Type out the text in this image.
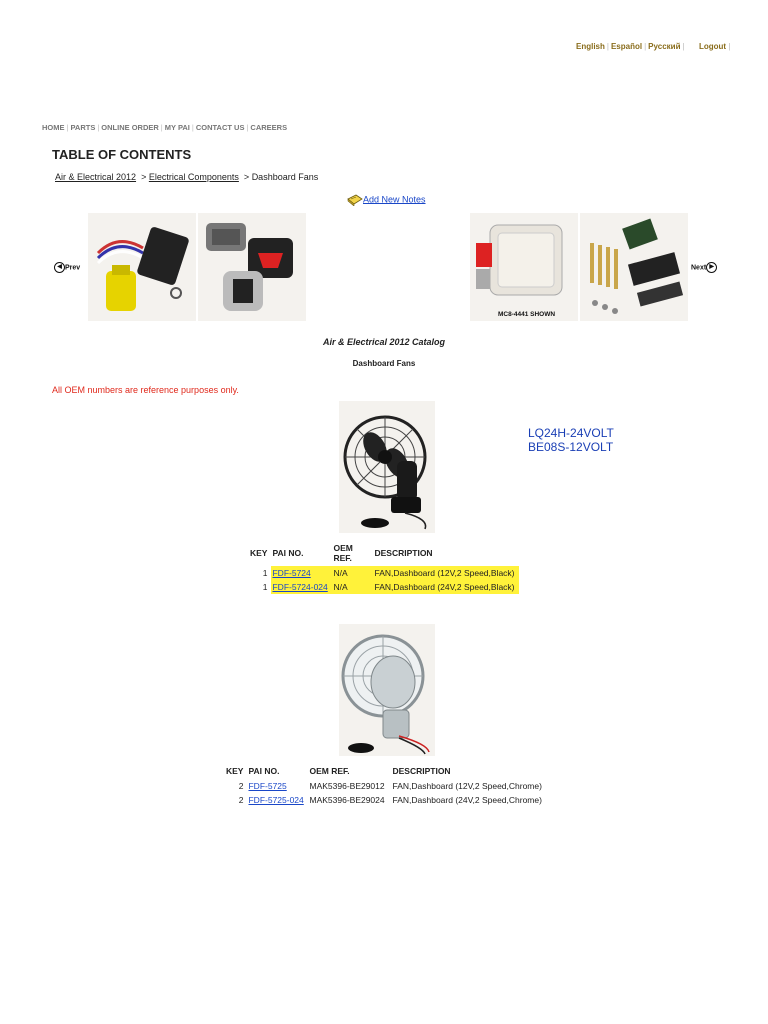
English | Español | Русский | Logout |
HOME | PARTS | ONLINE ORDER | MY PAI | CONTACT US | CAREERS
TABLE OF CONTENTS
Air & Electrical 2012  > Electrical Components  > Dashboard Fans
Add New Notes
◀ Prev	Next ▶
MC8-4441 SHOWN
Air & Electrical 2012 Catalog
Dashboard Fans
All OEM numbers are reference purposes only.
LQ24H-24VOLT
BE08S-12VOLT
KEY	PAI NO.	OEM REF.	DESCRIPTION
1	FDF-5724	N/A	FAN,Dashboard (12V,2 Speed,Black)
1	FDF-5724-024	N/A	FAN,Dashboard (24V,2 Speed,Black)
KEY	PAI NO.	OEM REF.	DESCRIPTION
2	FDF-5725	MAK5396-BE29012	FAN,Dashboard (12V,2 Speed,Chrome)
2	FDF-5725-024	MAK5396-BE29024	FAN,Dashboard (24V,2 Speed,Chrome)
